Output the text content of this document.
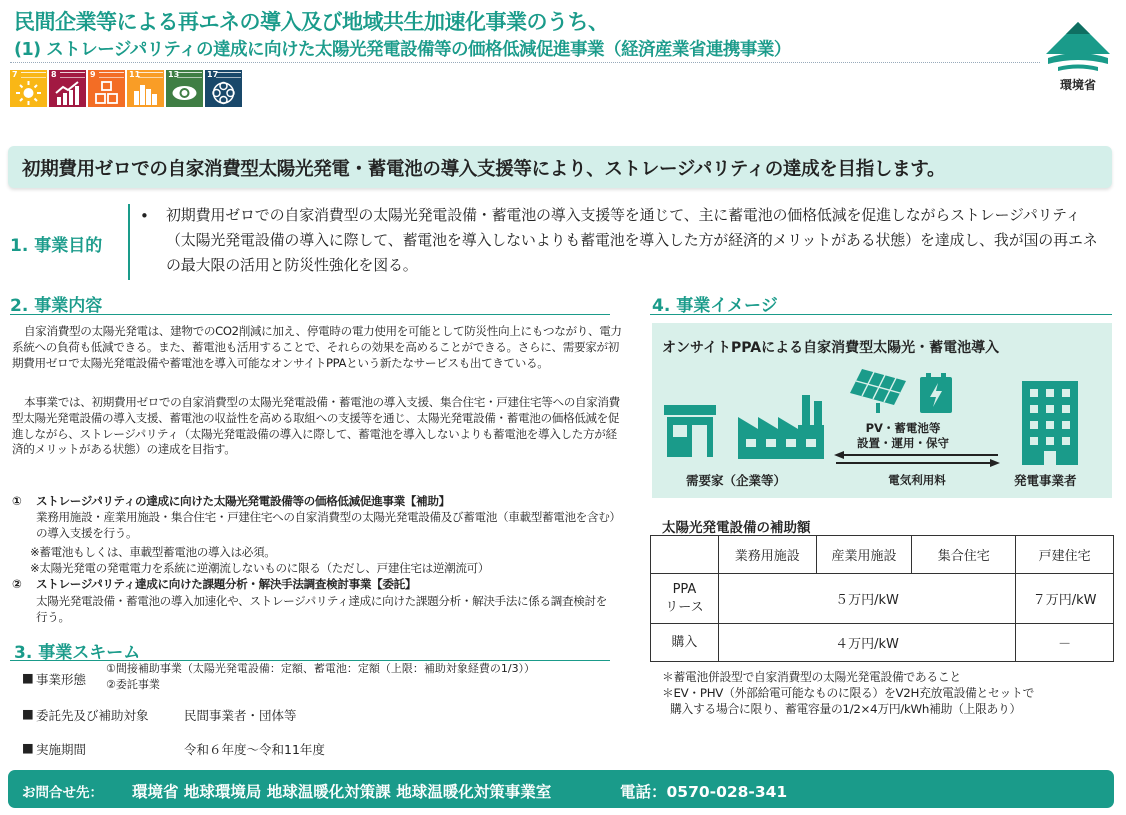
民間企業等による再エネの導入及び地域共生加速化事業のうち、
(1) ストレージパリティの達成に向けた太陽光発電設備等の価格低減促進事業（経済産業省連携事業）
7	8	9	11	13	17
環境省
初期費用ゼロでの自家消費型太陽光発電・蓄電池の導入支援等により、ストレージパリティの達成を目指します。
1. 事業目的
• 初期費用ゼロでの自家消費型の太陽光発電設備・蓄電池の導入支援等を通じて、主に蓄電池の価格低減を促進しながらストレージパリティ（太陽光発電設備の導入に際して、蓄電池を導入しないよりも蓄電池を導入した方が経済的メリットがある状態）を達成し、我が国の再エネの最大限の活用と防災性強化を図る。
2. 事業内容
自家消費型の太陽光発電は、建物でのCO2削減に加え、停電時の電力使用を可能として防災性向上にもつながり、電力系統への負荷も低減できる。また、蓄電池も活用することで、それらの効果を高めることができる。さらに、需要家が初期費用ゼロで太陽光発電設備や蓄電池を導入可能なオンサイトPPAという新たなサービスも出てきている。
本事業では、初期費用ゼロでの自家消費型の太陽光発電設備・蓄電池の導入支援、集合住宅・戸建住宅等への自家消費型太陽光発電設備の導入支援、蓄電池の収益性を高める取組への支援等を通じ、太陽光発電設備・蓄電池の価格低減を促進しながら、ストレージパリティ（太陽光発電設備の導入に際して、蓄電池を導入しないよりも蓄電池を導入した方が経済的メリットがある状態）の達成を目指す。
① ストレージパリティの達成に向けた太陽光発電設備等の価格低減促進事業【補助】
業務用施設・産業用施設・集合住宅・戸建住宅への自家消費型の太陽光発電設備及び蓄電池（車載型蓄電池を含む）の導入支援を行う。
※蓄電池もしくは、車載型蓄電池の導入は必須。
※太陽光発電の発電電力を系統に逆潮流しないものに限る（ただし、戸建住宅は逆潮流可）
② ストレージパリティ達成に向けた課題分析・解決手法調査検討事業【委託】
太陽光発電設備・蓄電池の導入加速化や、ストレージパリティ達成に向けた課題分析・解決手法に係る調査検討を行う。
3. 事業スキーム
■ 事業形態
①間接補助事業（太陽光発電設備：定額、蓄電池：定額（上限：補助対象経費の1/3））
②委託事業
■ 委託先及び補助対象	民間事業者・団体等
■ 実施期間	令和６年度～令和11年度
4. 事業イメージ
オンサイトPPAによる自家消費型太陽光・蓄電池導入
PV・蓄電池等
設置・運用・保守
需要家（企業等）	電気利用料	発電事業者
太陽光発電設備の補助額
	業務用施設	産業用施設	集合住宅	戸建住宅
PPA
リース	５万円/kW			７万円/kW
購入	４万円/kW			－
＊蓄電池併設型で自家消費型の太陽光発電設備であること
＊EV・PHV（外部給電可能なものに限る）をV2H充放電設備とセットで
購入する場合に限り、蓄電容量の1/2×4万円/kWh補助（上限あり）
お問合せ先： 環境省 地球環境局 地球温暖化対策課 地球温暖化対策事業室	電話：0570-028-341
